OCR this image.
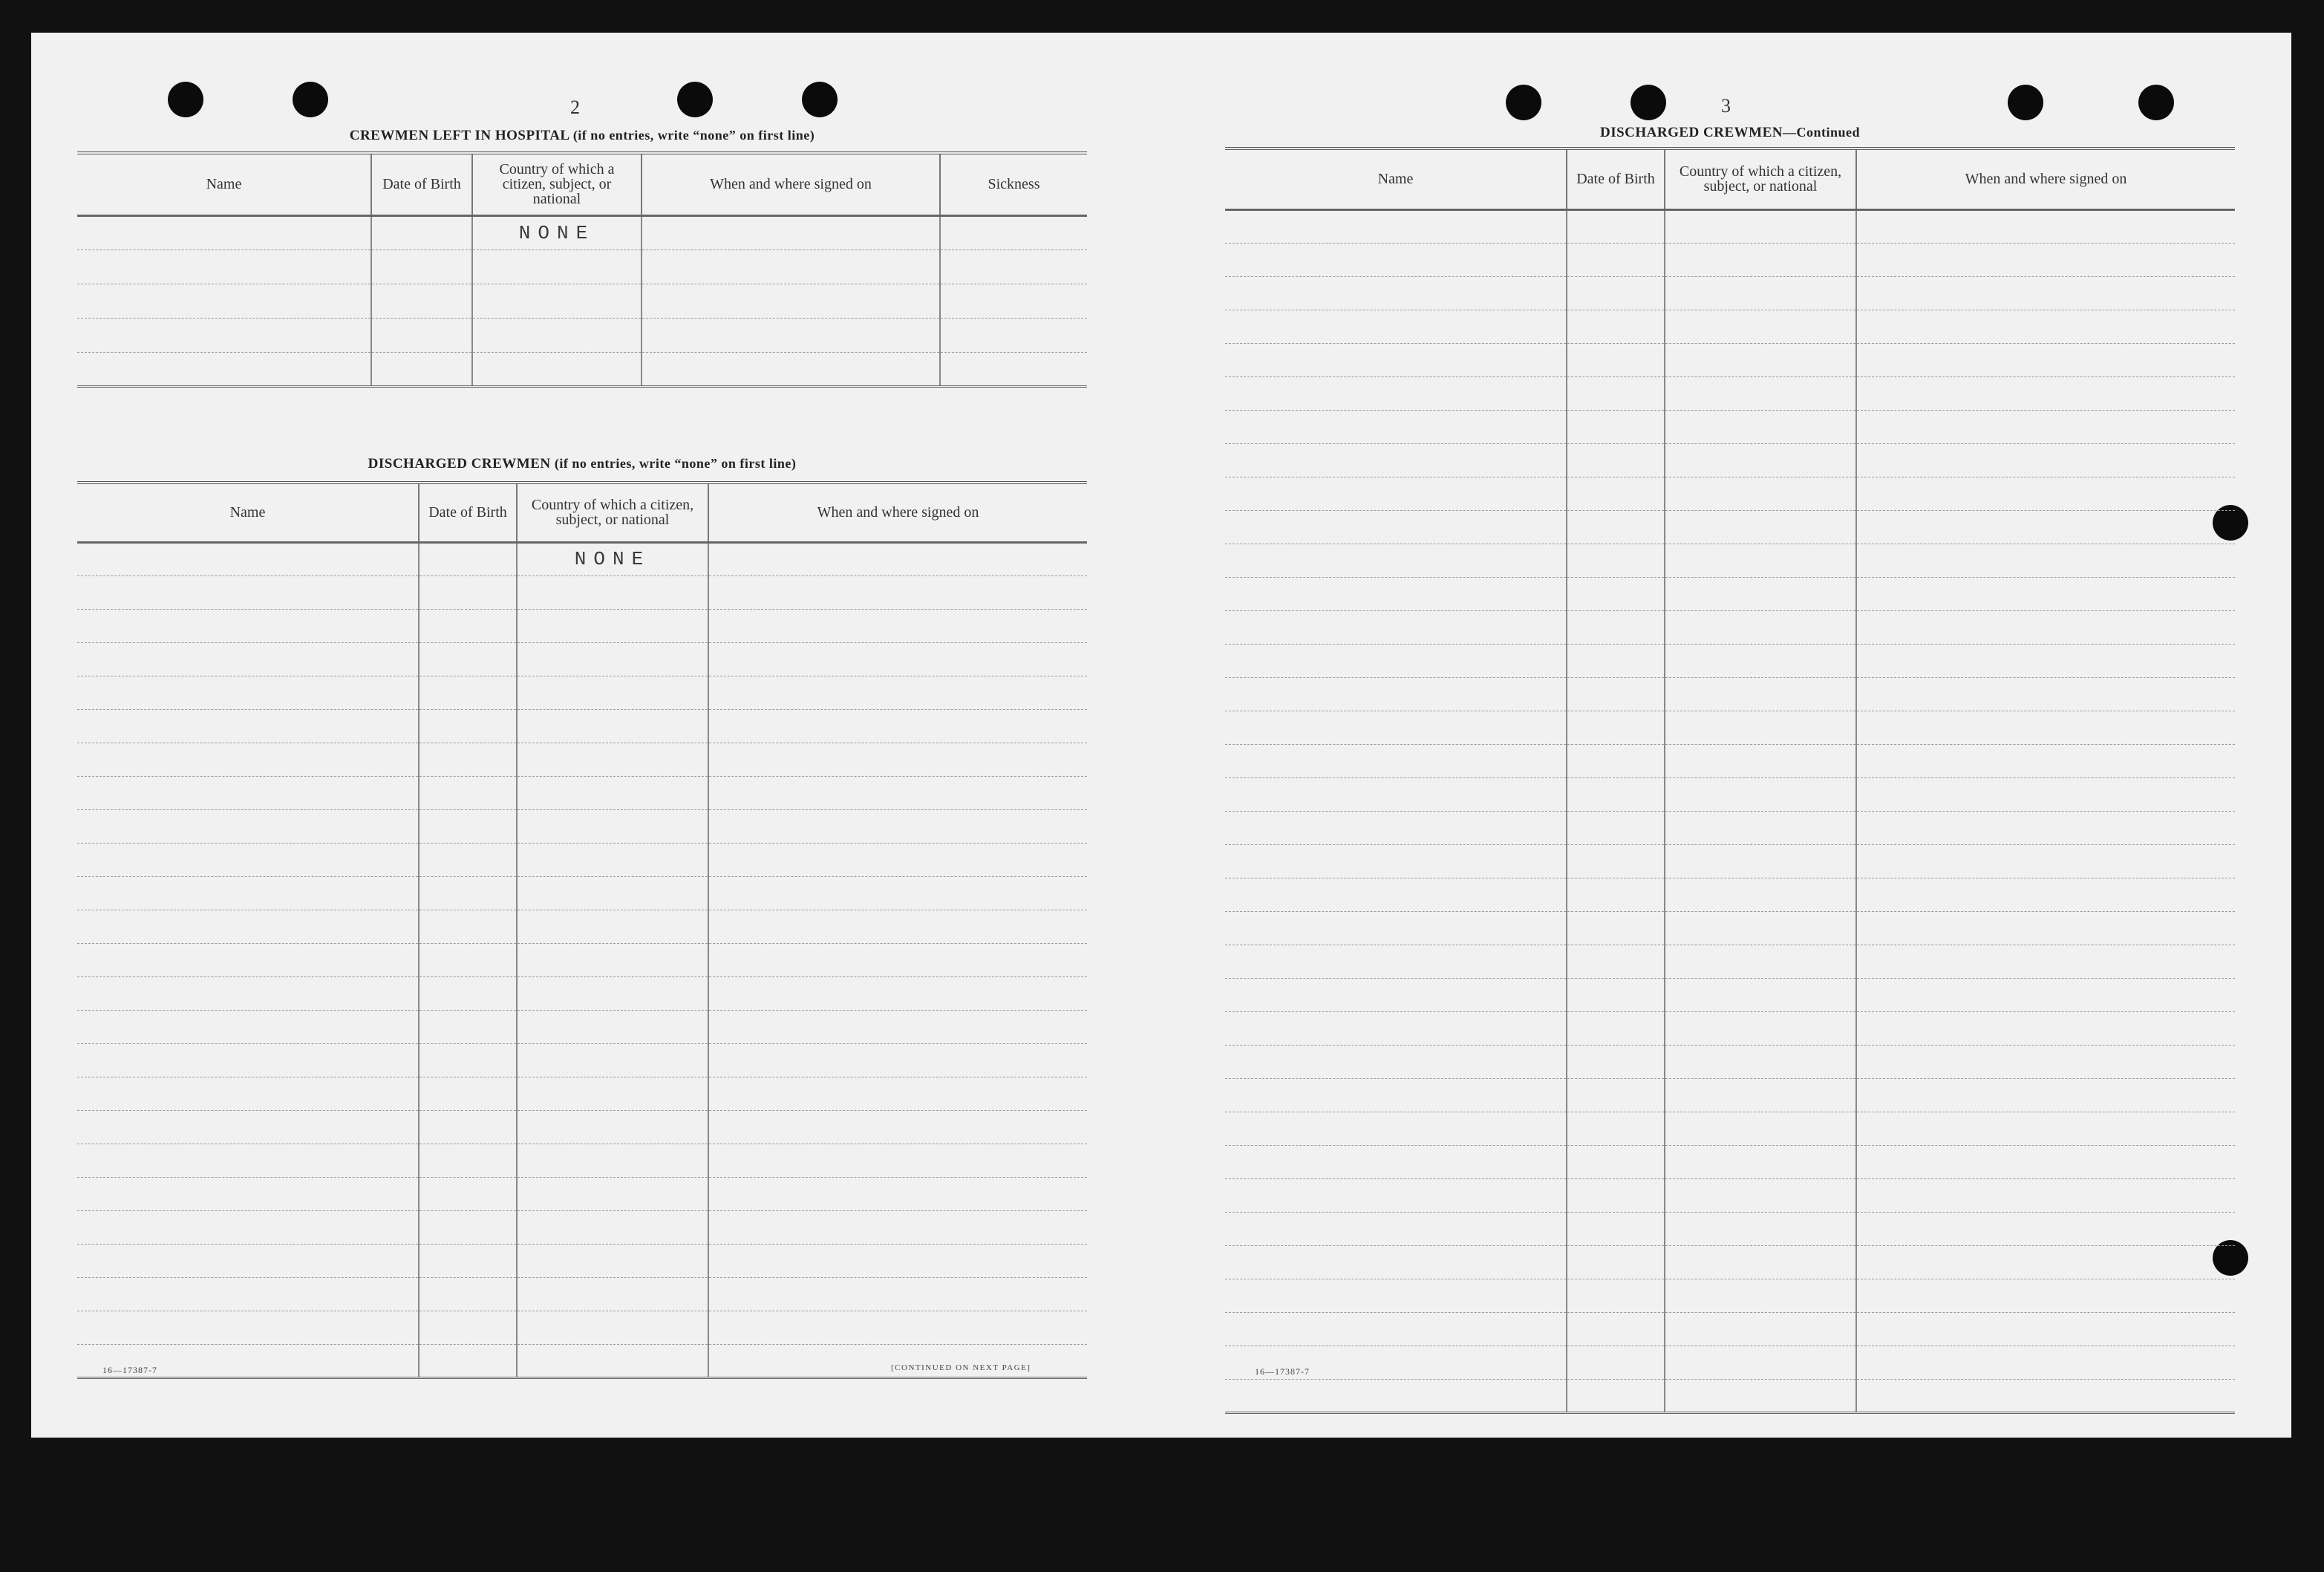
2
CREWMEN LEFT IN HOSPITAL (if no entries, write “none” on first line)
Name	Date of Birth	Country of which a citizen, subject, or national	When and where signed on	Sickness
		NONE		

DISCHARGED CREWMEN (if no entries, write “none” on first line)
Name	Date of Birth	Country of which a citizen, subject, or national	When and where signed on
		NONE	

16—17387-7	[CONTINUED ON NEXT PAGE]
3
DISCHARGED CREWMEN—Continued
Name	Date of Birth	Country of which a citizen, subject, or national	When and where signed on

16—17387-7
